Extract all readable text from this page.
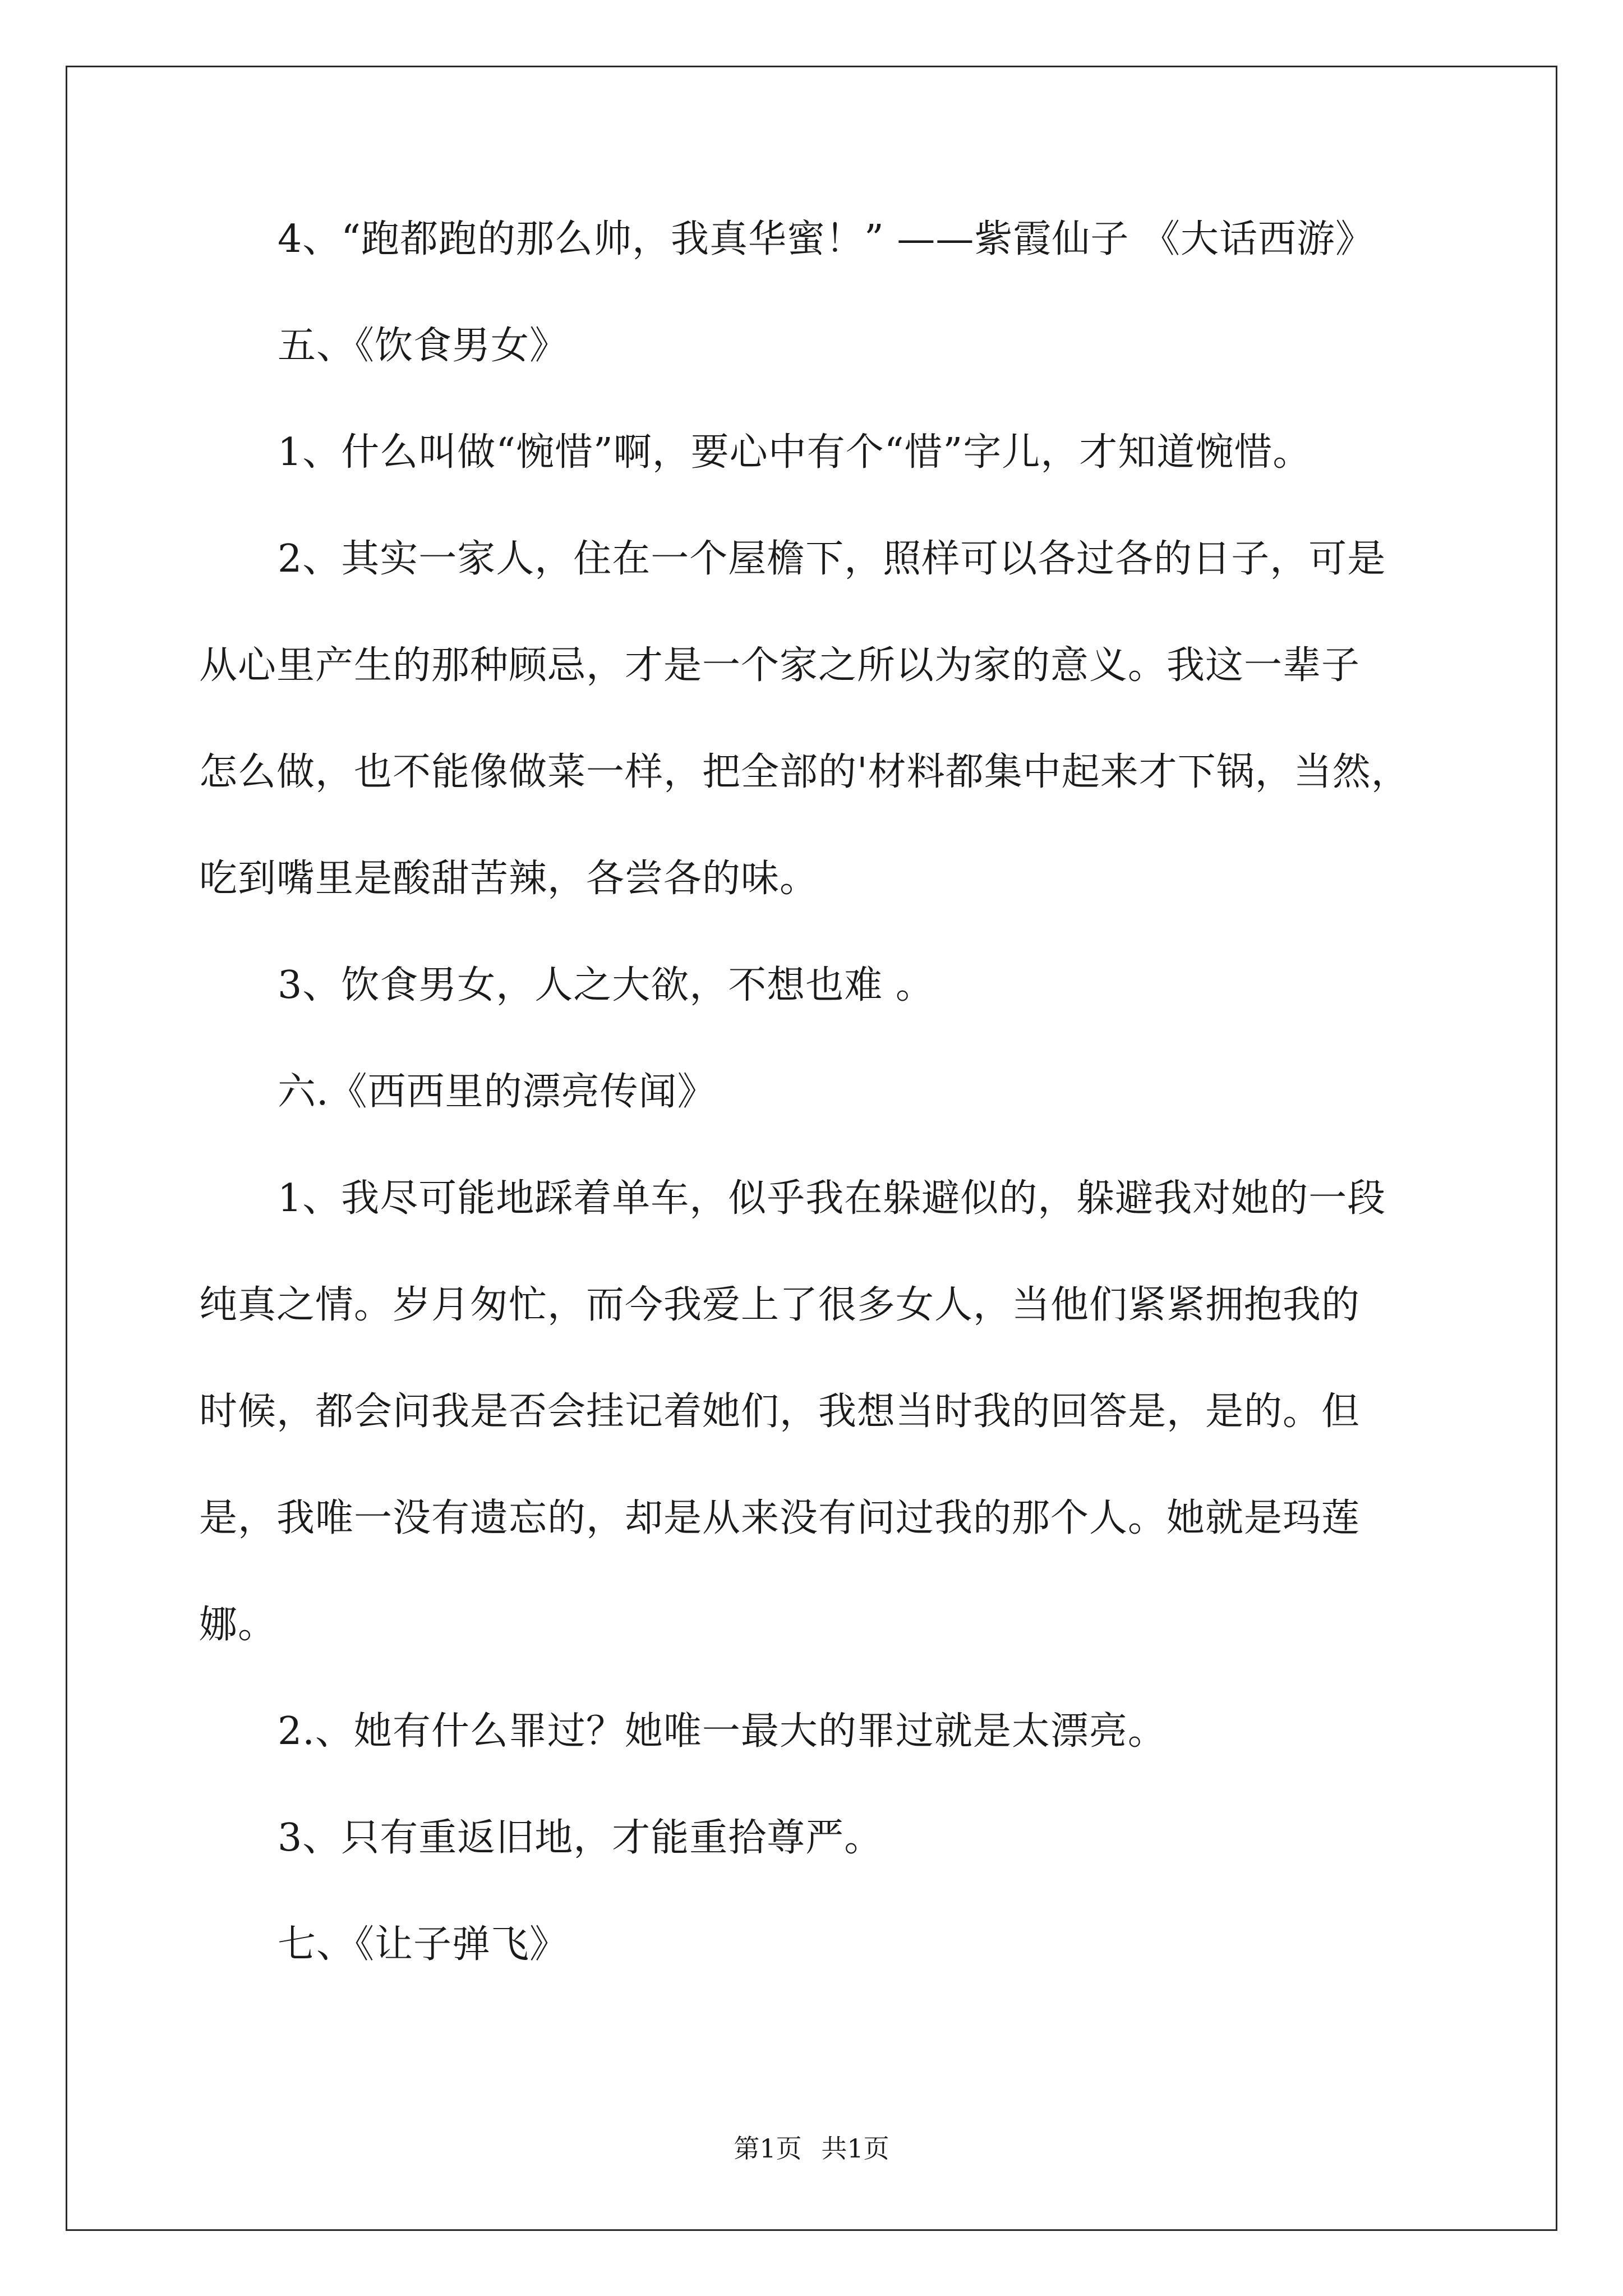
4、“跑都跑的那么帅，我真华蜜！” ——紫霞仙子 《大话西游》
五、《饮食男女》
1、什么叫做“惋惜”啊，要心中有个“惜”字儿，才知道惋惜。
2、其实一家人，住在一个屋檐下，照样可以各过各的日子，可是
从心里产生的那种顾忌，才是一个家之所以为家的意义。我这一辈子
怎么做，也不能像做菜一样，把全部的'材料都集中起来才下锅，当然，
吃到嘴里是酸甜苦辣，各尝各的味。
3、饮食男女，人之大欲，不想也难 。
六.《西西里的漂亮传闻》
1、我尽可能地踩着单车，似乎我在躲避似的，躲避我对她的一段
纯真之情。岁月匆忙，而今我爱上了很多女人，当他们紧紧拥抱我的
时候，都会问我是否会挂记着她们，我想当时我的回答是，是的。但
是，我唯一没有遗忘的，却是从来没有问过我的那个人。她就是玛莲
娜。
2.、她有什么罪过？她唯一最大的罪过就是太漂亮。
3、只有重返旧地，才能重拾尊严。
七、《让子弹飞》
第1页 共1页
